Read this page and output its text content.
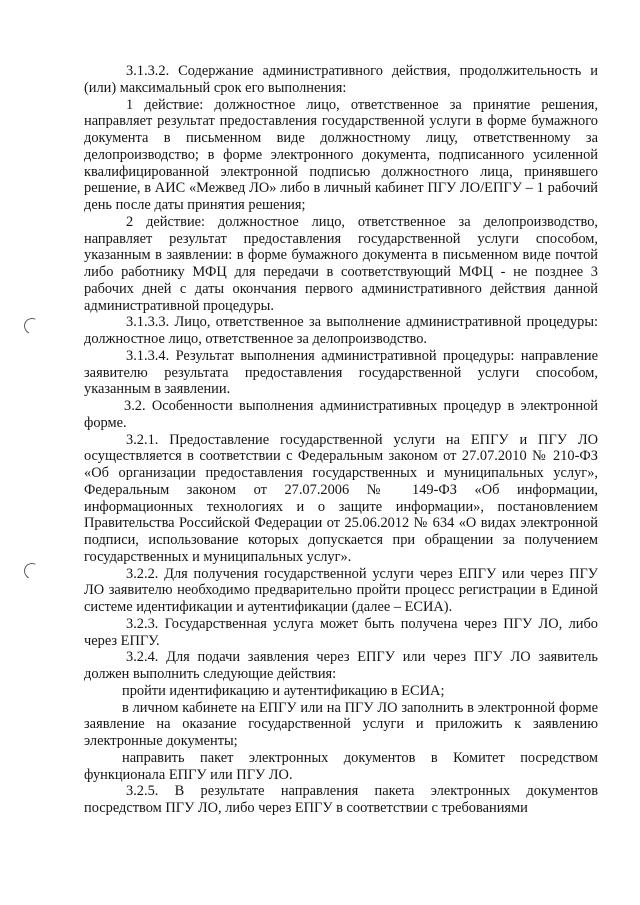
3.1.3.2. Содержание административного действия, продолжительность и (или) максимальный срок его выполнения:

1 действие: должностное лицо, ответственное за принятие решения, направляет результат предоставления государственной услуги в форме бумажного документа в письменном виде должностному лицу, ответственному за делопроизводство; в форме электронного документа, подписанного усиленной квалифицированной электронной подписью должностного лица, принявшего решение, в АИС «Межвед ЛО» либо в личный кабинет ПГУ ЛО/ЕПГУ – 1 рабочий день после даты принятия решения;

2 действие: должностное лицо, ответственное за делопроизводство, направляет результат предоставления государственной услуги способом, указанным в заявлении: в форме бумажного документа в письменном виде почтой либо работнику МФЦ для передачи в соответствующий МФЦ - не позднее 3 рабочих дней с даты окончания первого административного действия данной административной процедуры.

3.1.3.3. Лицо, ответственное за выполнение административной процедуры: должностное лицо, ответственное за делопроизводство.

3.1.3.4. Результат выполнения административной процедуры: направление заявителю результата предоставления государственной услуги способом, указанным в заявлении.

3.2. Особенности выполнения административных процедур в электронной форме.

3.2.1. Предоставление государственной услуги на ЕПГУ и ПГУ ЛО осуществляется в соответствии с Федеральным законом от 27.07.2010 № 210-ФЗ «Об организации предоставления государственных и муниципальных услуг», Федеральным законом от 27.07.2006 № 149-ФЗ «Об информации, информационных технологиях и о защите информации», постановлением Правительства Российской Федерации от 25.06.2012 № 634 «О видах электронной подписи, использование которых допускается при обращении за получением государственных и муниципальных услуг».

3.2.2. Для получения государственной услуги через ЕПГУ или через ПГУ ЛО заявителю необходимо предварительно пройти процесс регистрации в Единой системе идентификации и аутентификации (далее – ЕСИА).

3.2.3. Государственная услуга может быть получена через ПГУ ЛО, либо через ЕПГУ.

3.2.4. Для подачи заявления через ЕПГУ или через ПГУ ЛО заявитель должен выполнить следующие действия:

пройти идентификацию и аутентификацию в ЕСИА;

в личном кабинете на ЕПГУ или на ПГУ ЛО заполнить в электронной форме заявление на оказание государственной услуги и приложить к заявлению электронные документы;

направить пакет электронных документов в Комитет посредством функционала ЕПГУ или ПГУ ЛО.

3.2.5. В результате направления пакета электронных документов посредством ПГУ ЛО, либо через ЕПГУ в соответствии с требованиями
